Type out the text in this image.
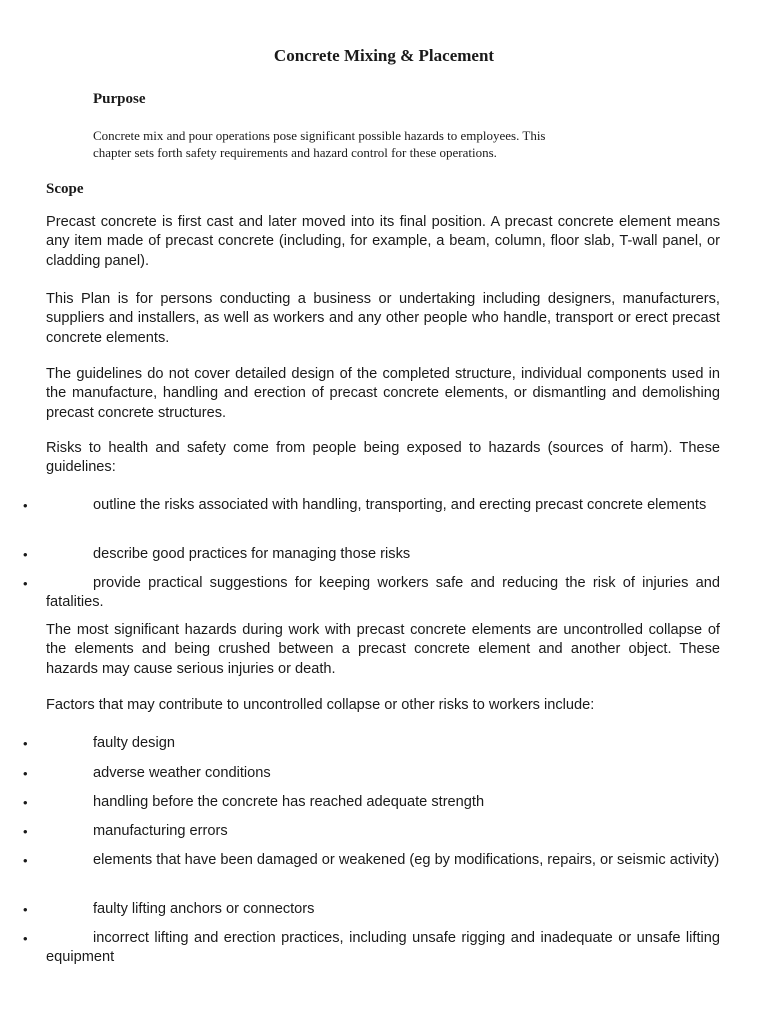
Concrete Mixing & Placement
Purpose
Concrete mix and pour operations pose significant possible hazards to employees. This chapter sets forth safety requirements and hazard control for these operations.
Scope

Precast concrete is first cast and later moved into its final position. A precast concrete element means any item made of precast concrete (including, for example, a beam, column, floor slab, T-wall panel, or cladding panel).

This Plan is for persons conducting a business or undertaking including designers, manufacturers, suppliers and installers, as well as workers and any other people who handle, transport or erect precast concrete elements.

The guidelines do not cover detailed design of the completed structure, individual components used in the manufacture, handling and erection of precast concrete elements, or dismantling and demolishing precast concrete structures.

Risks to health and safety come from people being exposed to hazards (sources of harm). These guidelines:

•	outline the risks associated with handling, transporting, and erecting precast concrete elements
•	describe good practices for managing those risks
•	provide practical suggestions for keeping workers safe and reducing the risk of injuries and fatalities.

The most significant hazards during work with precast concrete elements are uncontrolled collapse of the elements and being crushed between a precast concrete element and another object. These hazards may cause serious injuries or death.

Factors that may contribute to uncontrolled collapse or other risks to workers include:

•	faulty design
•	adverse weather conditions
•	handling before the concrete has reached adequate strength
•	manufacturing errors
•	elements that have been damaged or weakened (eg by modifications, repairs, or seismic activity)
•	faulty lifting anchors or connectors
•	incorrect lifting and erection practices, including unsafe rigging and inadequate or unsafe lifting equipment
